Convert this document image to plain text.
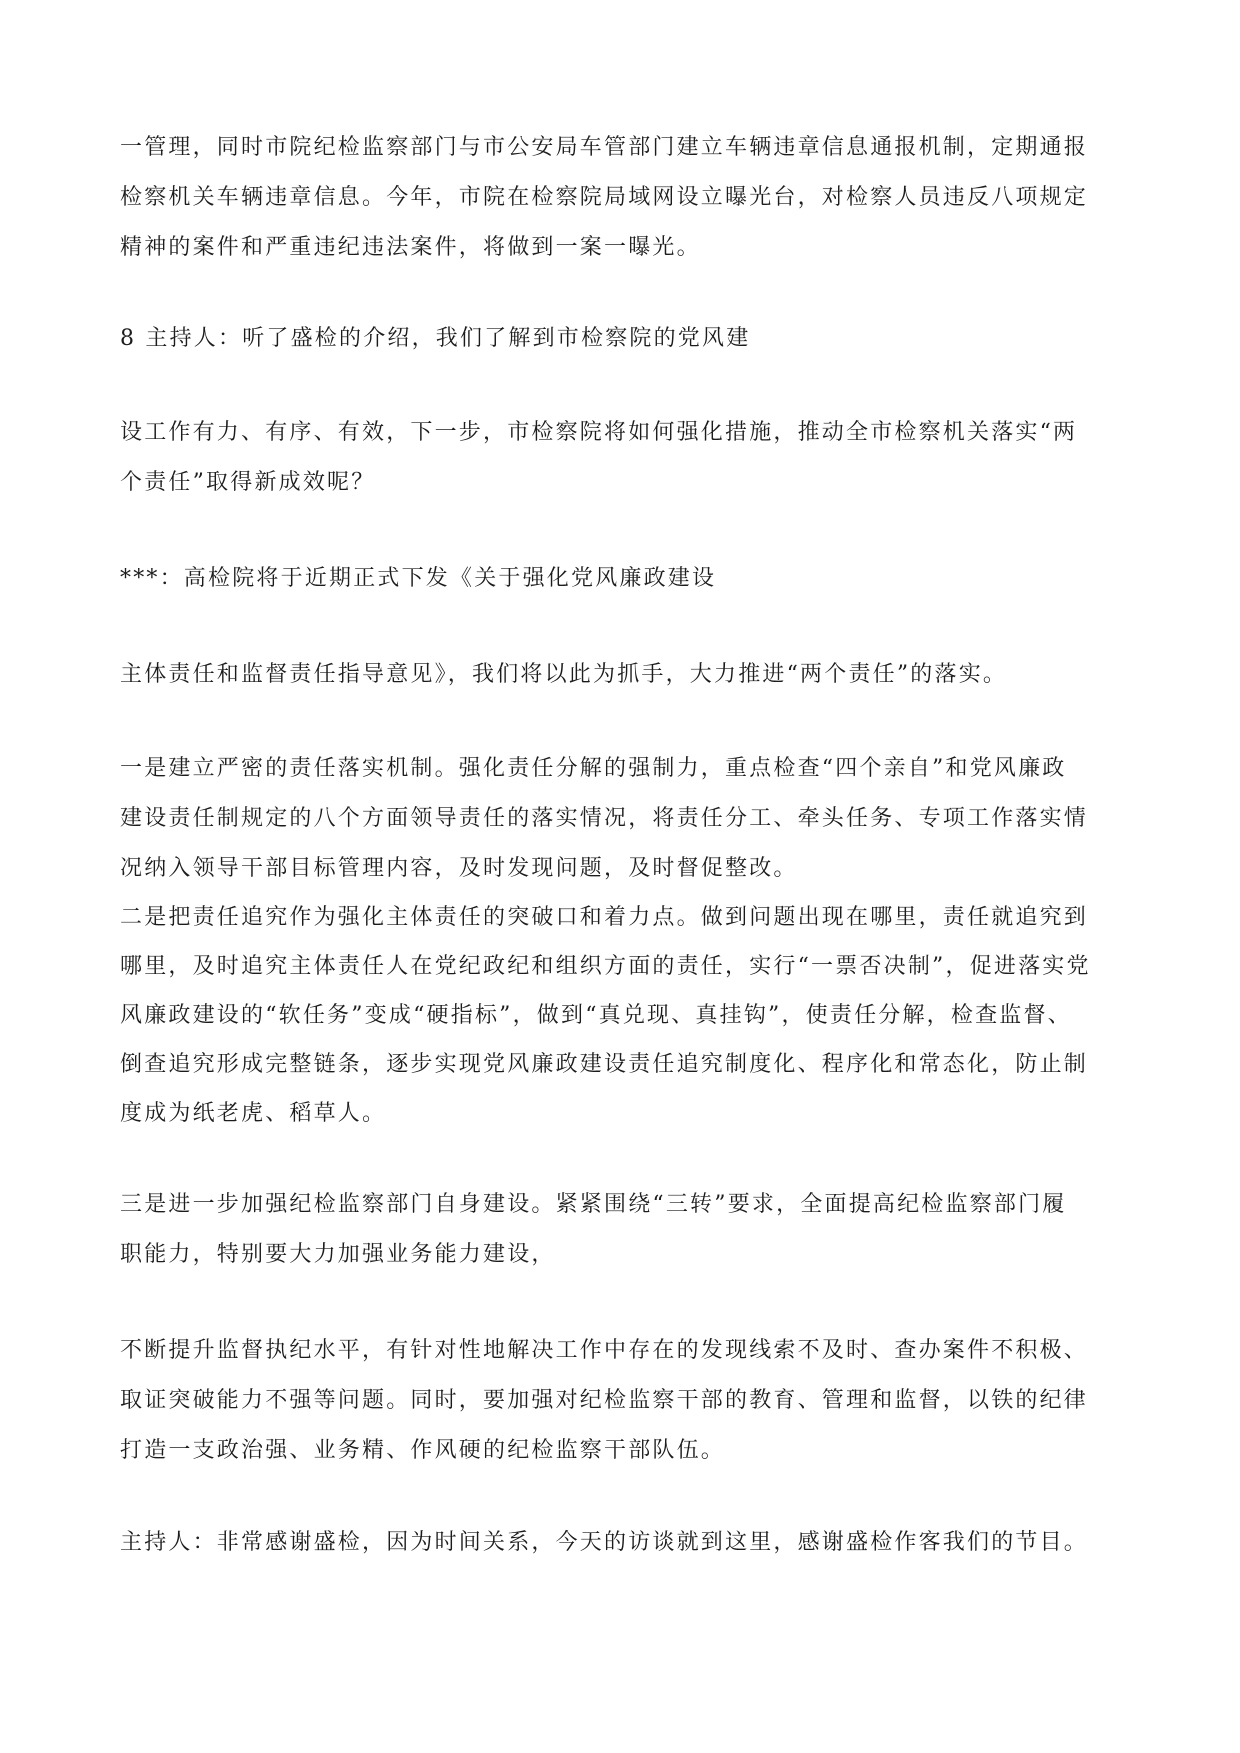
一管理，同时市院纪检监察部门与市公安局车管部门建立车辆违章信息通报机制，定期通报

检察机关车辆违章信息。今年，市院在检察院局域网设立曝光台，对检察人员违反八项规定

精神的案件和严重违纪违法案件，将做到一案一曝光。

8 主持人：听了盛检的介绍，我们了解到市检察院的党风建

设工作有力、有序、有效，下一步，市检察院将如何强化措施，推动全市检察机关落实“两

个责任”取得新成效呢？

***：高检院将于近期正式下发《关于强化党风廉政建设

主体责任和监督责任指导意见》，我们将以此为抓手，大力推进“两个责任”的落实。

一是建立严密的责任落实机制。强化责任分解的强制力，重点检查“四个亲自”和党风廉政

建设责任制规定的八个方面领导责任的落实情况，将责任分工、牵头任务、专项工作落实情

况纳入领导干部目标管理内容，及时发现问题，及时督促整改。

二是把责任追究作为强化主体责任的突破口和着力点。做到问题出现在哪里，责任就追究到

哪里，及时追究主体责任人在党纪政纪和组织方面的责任，实行“一票否决制”，促进落实党

风廉政建设的“软任务”变成“硬指标”，做到“真兑现、真挂钩”，使责任分解，检查监督、

倒查追究形成完整链条，逐步实现党风廉政建设责任追究制度化、程序化和常态化，防止制

度成为纸老虎、稻草人。

三是进一步加强纪检监察部门自身建设。紧紧围绕“三转”要求，全面提高纪检监察部门履

职能力，特别要大力加强业务能力建设，

不断提升监督执纪水平，有针对性地解决工作中存在的发现线索不及时、查办案件不积极、

取证突破能力不强等问题。同时，要加强对纪检监察干部的教育、管理和监督，以铁的纪律

打造一支政治强、业务精、作风硬的纪检监察干部队伍。

主持人：非常感谢盛检，因为时间关系，今天的访谈就到这里，感谢盛检作客我们的节目。
